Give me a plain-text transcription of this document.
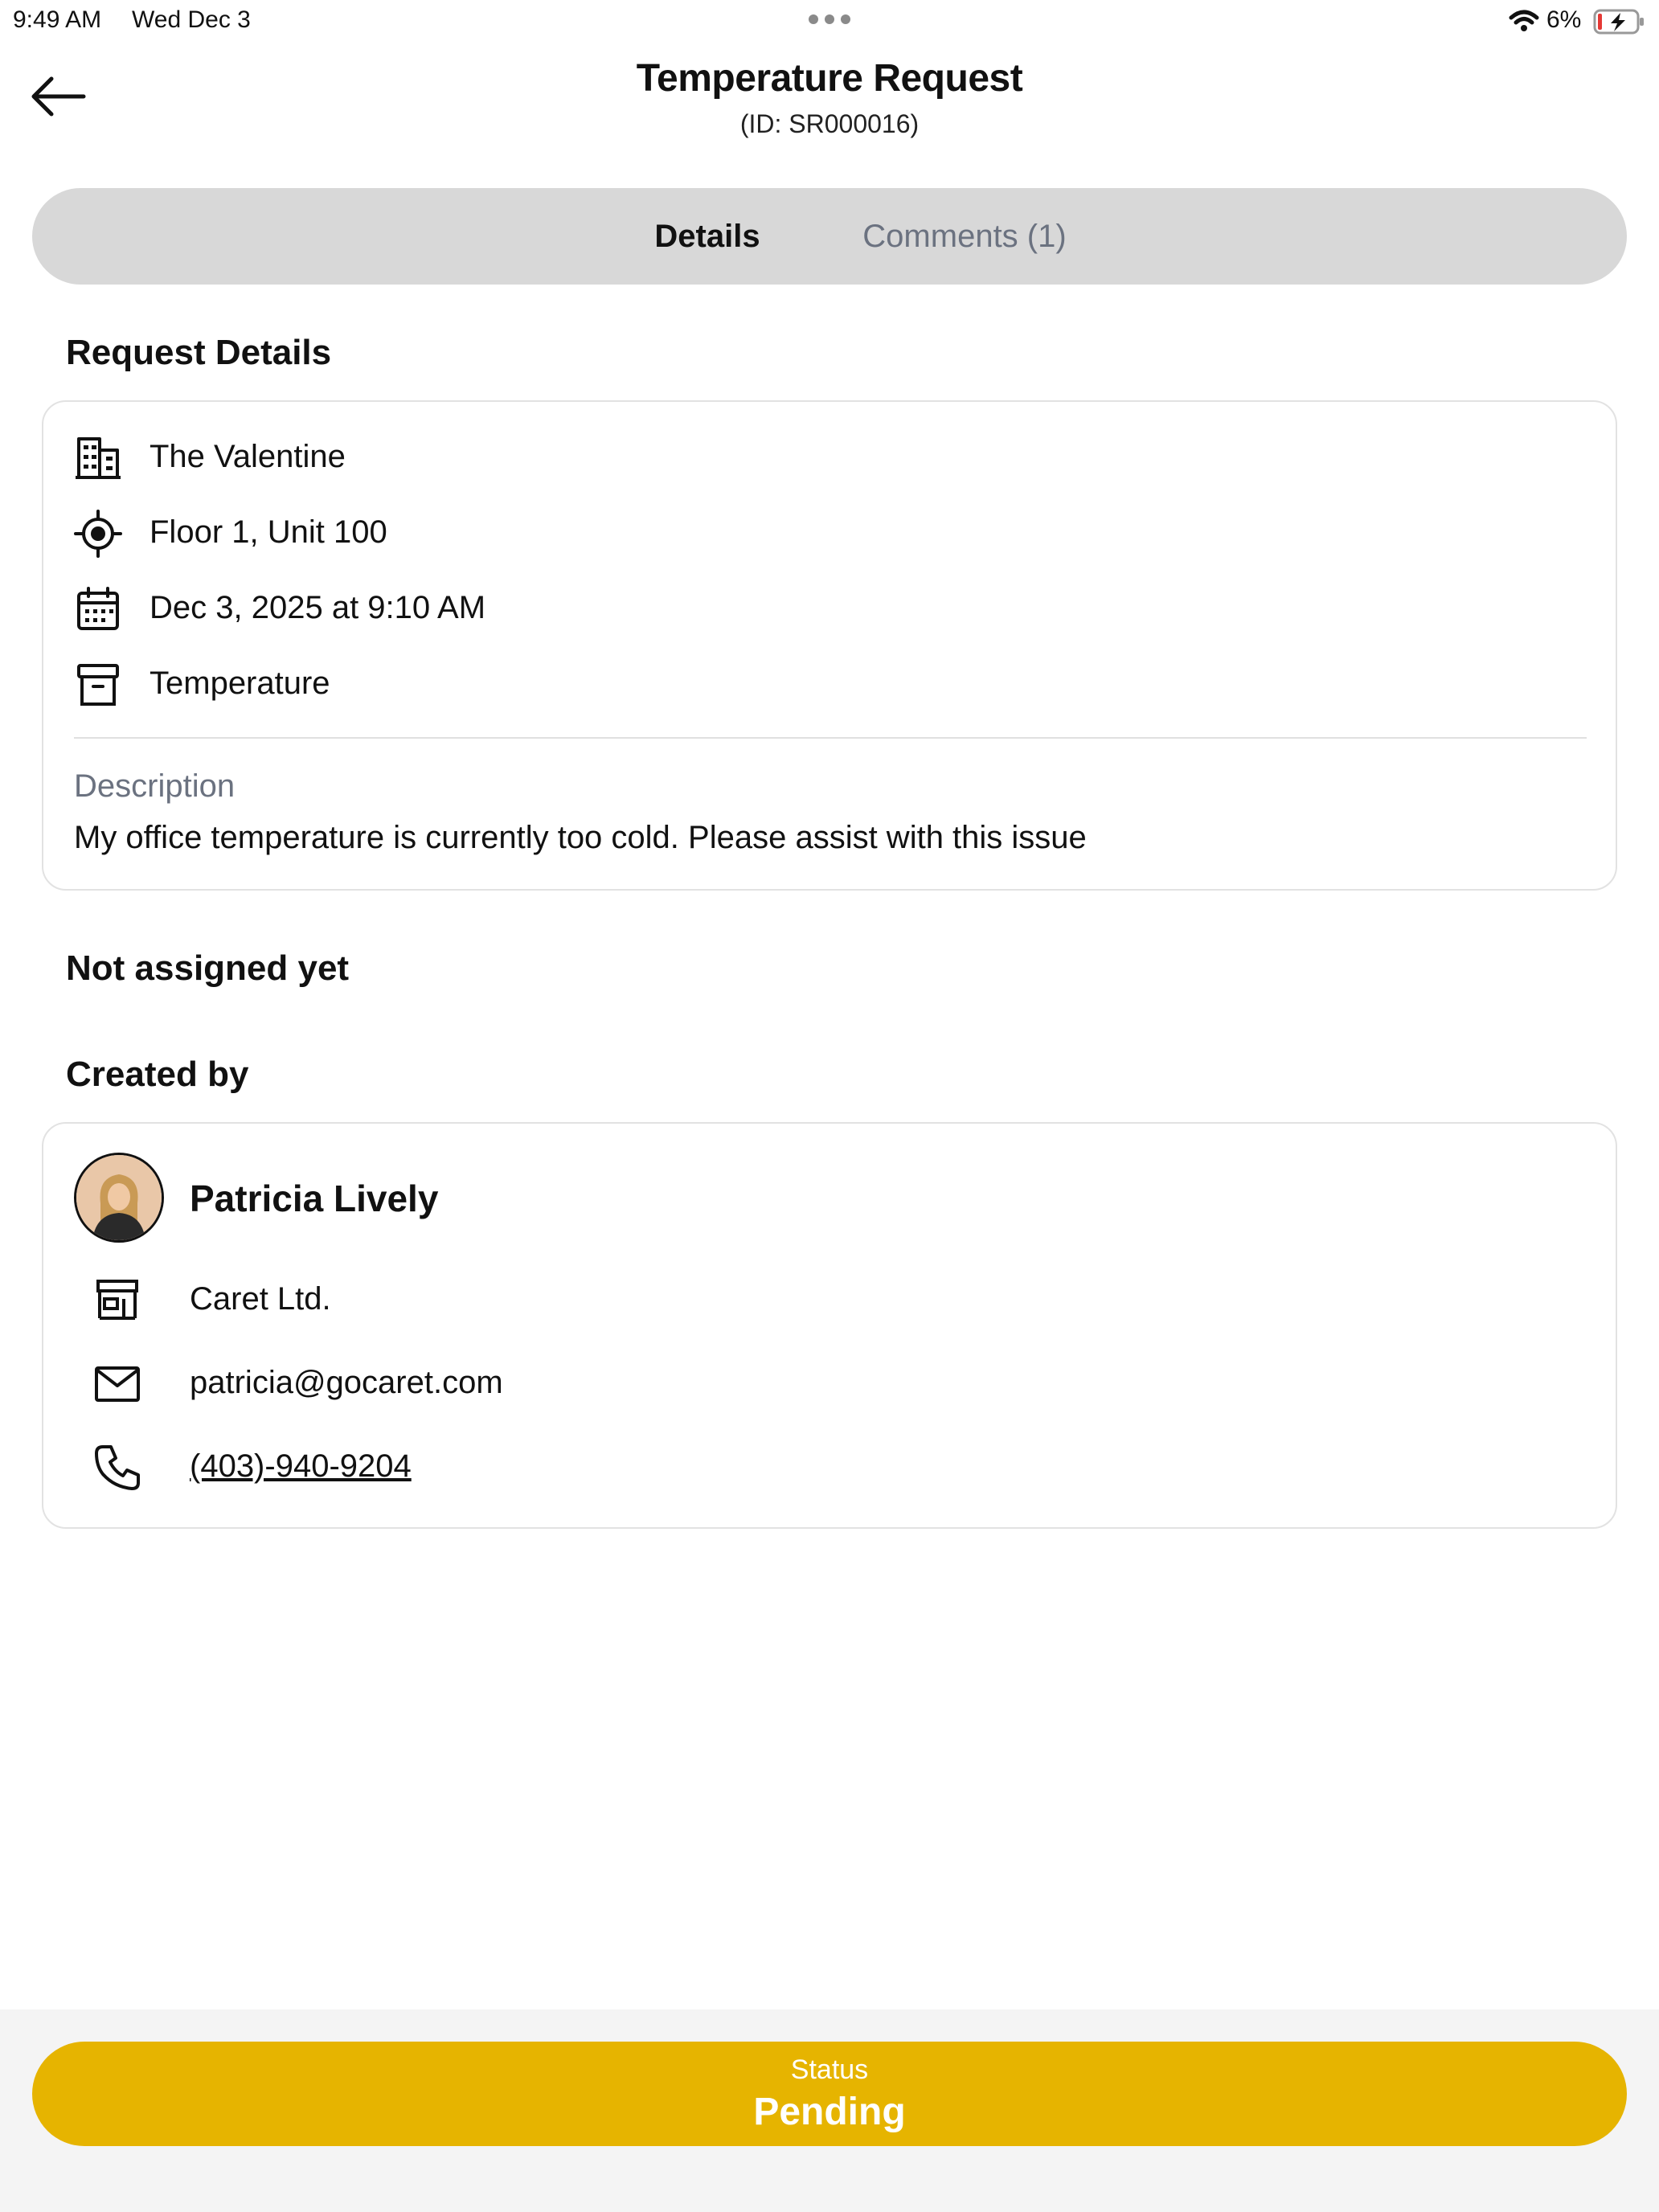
9:49 AM Wed Dec 3	6%
Temperature Request
(ID: SR000016)
Details	Comments (1)
Request Details
The Valentine
Floor 1, Unit 100
Dec 3, 2025 at 9:10 AM
Temperature
Description
My office temperature is currently too cold. Please assist with this issue
Not assigned yet
Created by
Patricia Lively
Caret Ltd.
patricia@gocaret.com
(403)-940-9204
Status
Pending
